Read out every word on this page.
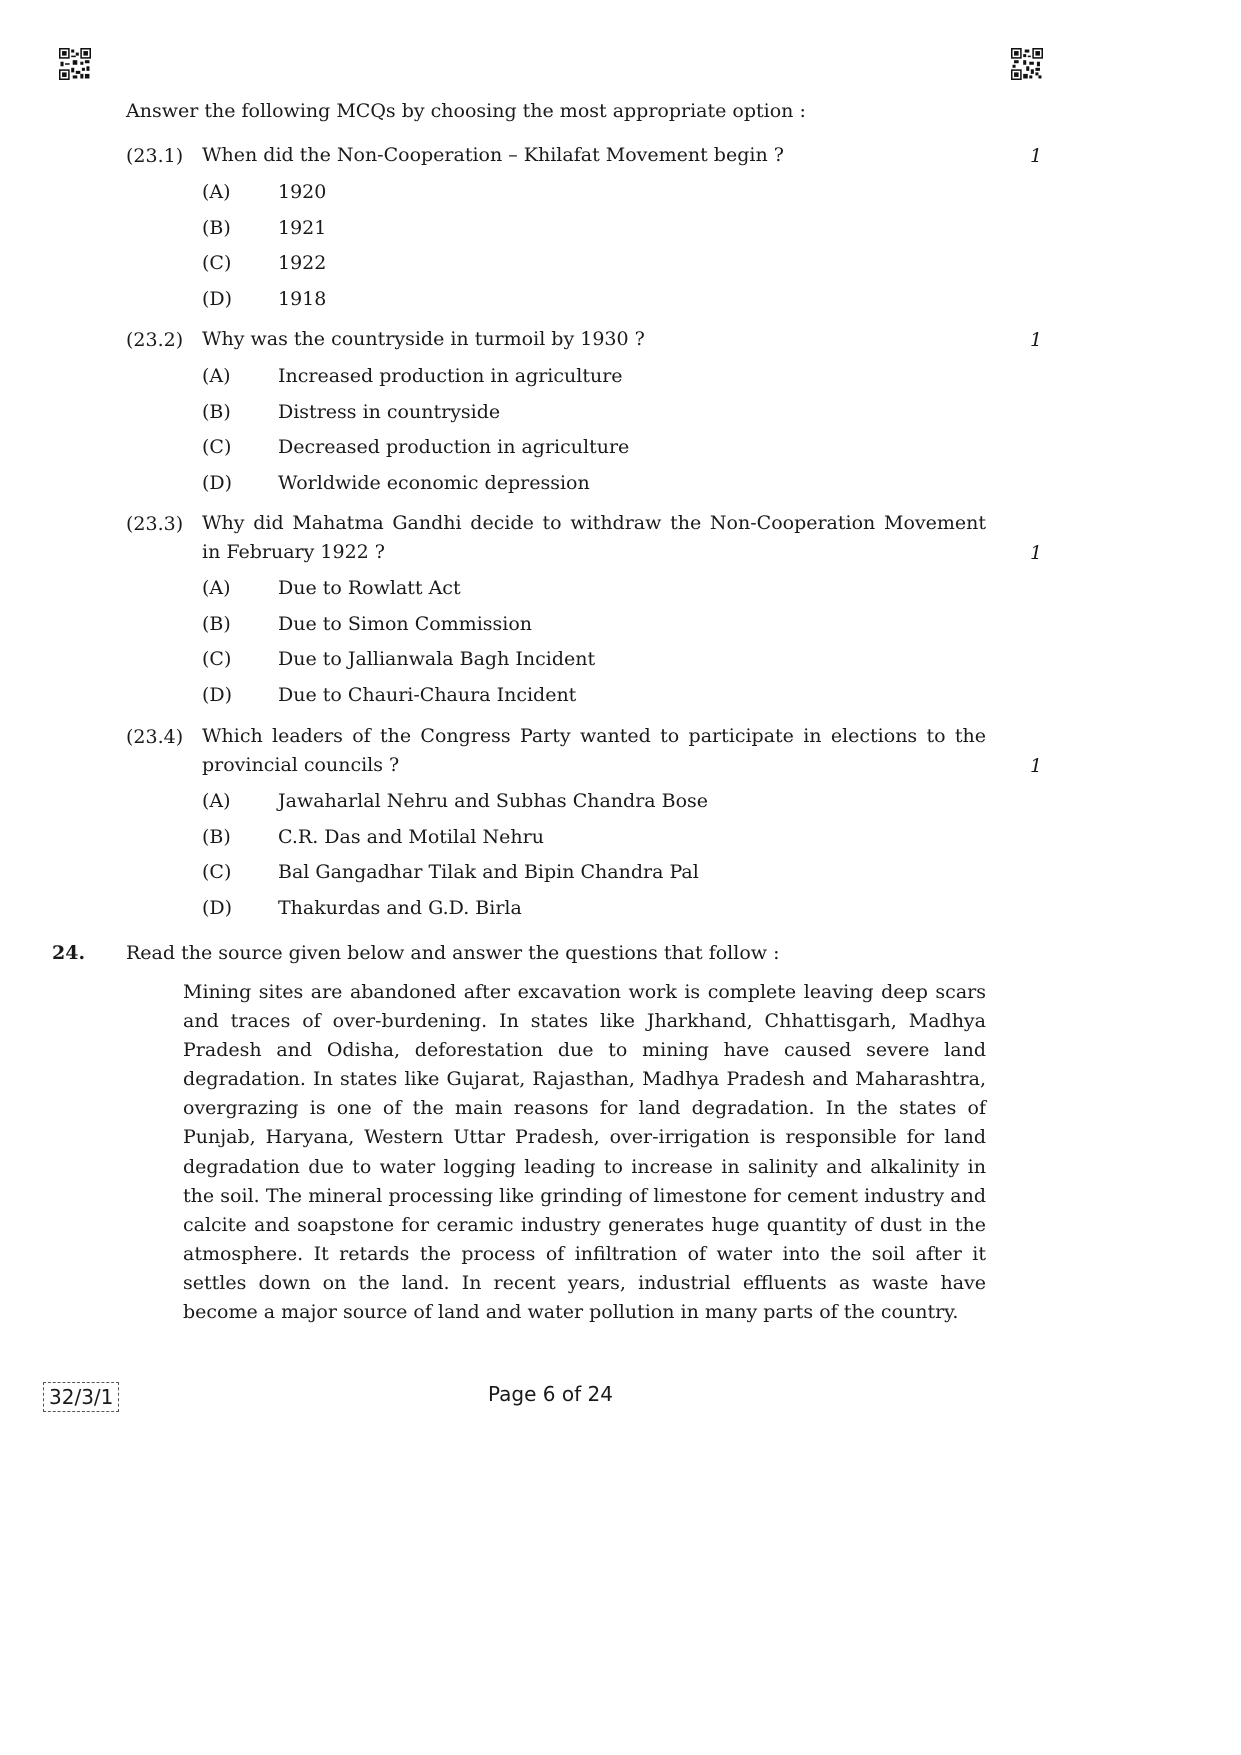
Answer the following MCQs by choosing the most appropriate option :
(23.1) When did the Non-Cooperation – Khilafat Movement begin ?	1
(A) 1920
(B) 1921
(C) 1922
(D) 1918
(23.2) Why was the countryside in turmoil by 1930 ?	1
(A) Increased production in agriculture
(B) Distress in countryside
(C) Decreased production in agriculture
(D) Worldwide economic depression
(23.3) Why did Mahatma Gandhi decide to withdraw the Non-Cooperation Movement in February 1922 ?	1
(A) Due to Rowlatt Act
(B) Due to Simon Commission
(C) Due to Jallianwala Bagh Incident
(D) Due to Chauri-Chaura Incident
(23.4) Which leaders of the Congress Party wanted to participate in elections to the provincial councils ?	1
(A) Jawaharlal Nehru and Subhas Chandra Bose
(B) C.R. Das and Motilal Nehru
(C) Bal Gangadhar Tilak and Bipin Chandra Pal
(D) Thakurdas and G.D. Birla
24. Read the source given below and answer the questions that follow :
Mining sites are abandoned after excavation work is complete leaving deep scars and traces of over-burdening. In states like Jharkhand, Chhattisgarh, Madhya Pradesh and Odisha, deforestation due to mining have caused severe land degradation. In states like Gujarat, Rajasthan, Madhya Pradesh and Maharashtra, overgrazing is one of the main reasons for land degradation. In the states of Punjab, Haryana, Western Uttar Pradesh, over-irrigation is responsible for land degradation due to water logging leading to increase in salinity and alkalinity in the soil. The mineral processing like grinding of limestone for cement industry and calcite and soapstone for ceramic industry generates huge quantity of dust in the atmosphere. It retards the process of infiltration of water into the soil after it settles down on the land. In recent years, industrial effluents as waste have become a major source of land and water pollution in many parts of the country.
32/3/1	Page 6 of 24
